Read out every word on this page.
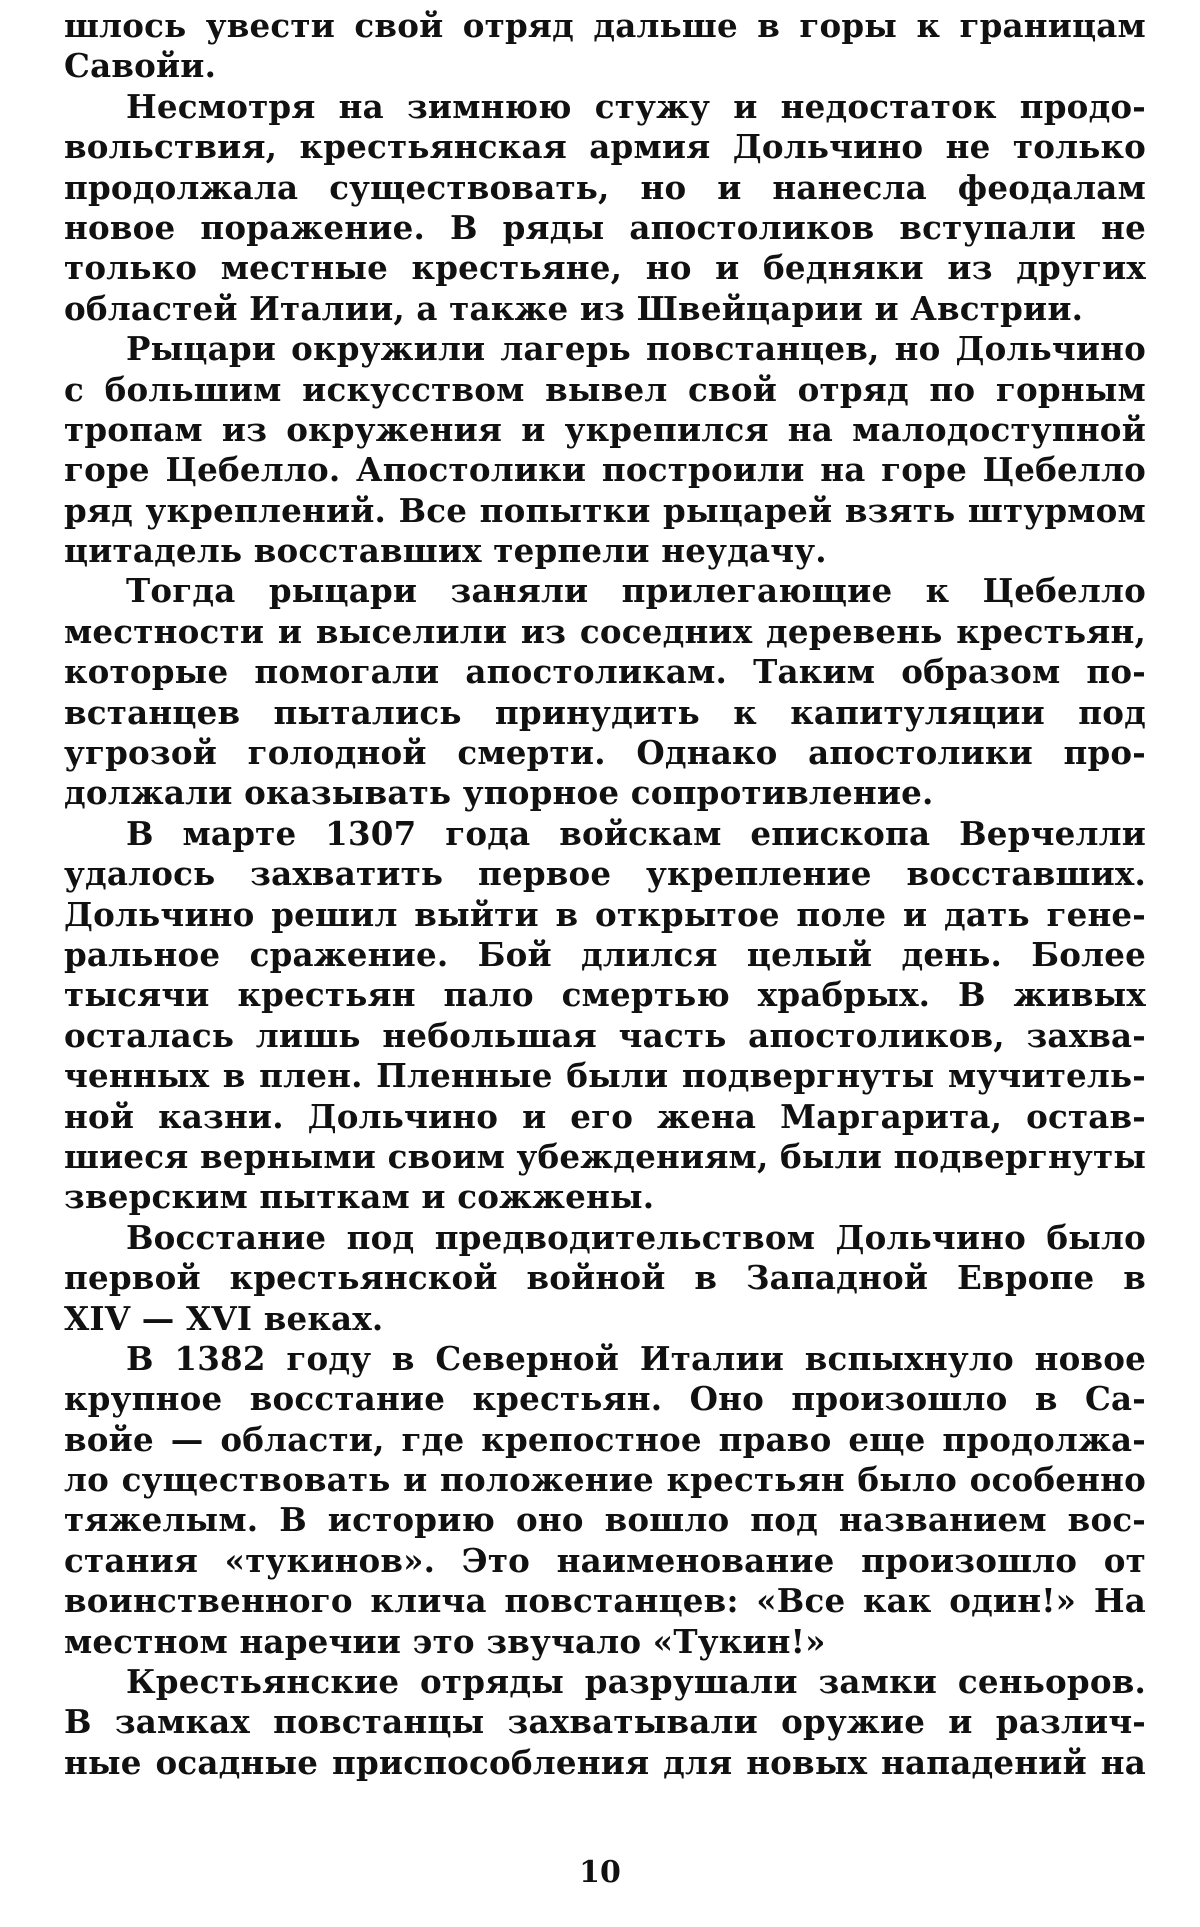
шлось увести свой отряд дальше в горы к границам
Савойи.
Несмотря на зимнюю стужу и недостаток продо-
вольствия, крестьянская армия Дольчино не только
продолжала существовать, но и нанесла феодалам
новое поражение. В ряды апостоликов вступали не
только местные крестьяне, но и бедняки из других
областей Италии, а также из Швейцарии и Австрии.
Рыцари окружили лагерь повстанцев, но Дольчино
с большим искусством вывел свой отряд по горным
тропам из окружения и укрепился на малодоступной
горе Цебелло. Апостолики построили на горе Цебелло
ряд укреплений. Все попытки рыцарей взять штурмом
цитадель восставших терпели неудачу.
Тогда рыцари заняли прилегающие к Цебелло
местности и выселили из соседних деревень крестьян,
которые помогали апостоликам. Таким образом по-
встанцев пытались принудить к капитуляции под
угрозой голодной смерти. Однако апостолики про-
должали оказывать упорное сопротивление.
В марте 1307 года войскам епископа Верчелли
удалось захватить первое укрепление восставших.
Дольчино решил выйти в открытое поле и дать гене-
ральное сражение. Бой длился целый день. Более
тысячи крестьян пало смертью храбрых. В живых
осталась лишь небольшая часть апостоликов, захва-
ченных в плен. Пленные были подвергнуты мучитель-
ной казни. Дольчино и его жена Маргарита, остав-
шиеся верными своим убеждениям, были подвергнуты
зверским пыткам и сожжены.
Восстание под предводительством Дольчино было
первой крестьянской войной в Западной Европе в
XIV — XVI веках.
В 1382 году в Северной Италии вспыхнуло новое
крупное восстание крестьян. Оно произошло в Са-
войе — области, где крепостное право еще продолжа-
ло существовать и положение крестьян было особенно
тяжелым. В историю оно вошло под названием вос-
стания «тукинов». Это наименование произошло от
воинственного клича повстанцев: «Все как один!» На
местном наречии это звучало «Тукин!»
Крестьянские отряды разрушали замки сеньоров.
В замках повстанцы захватывали оружие и различ-
ные осадные приспособления для новых нападений на
10
